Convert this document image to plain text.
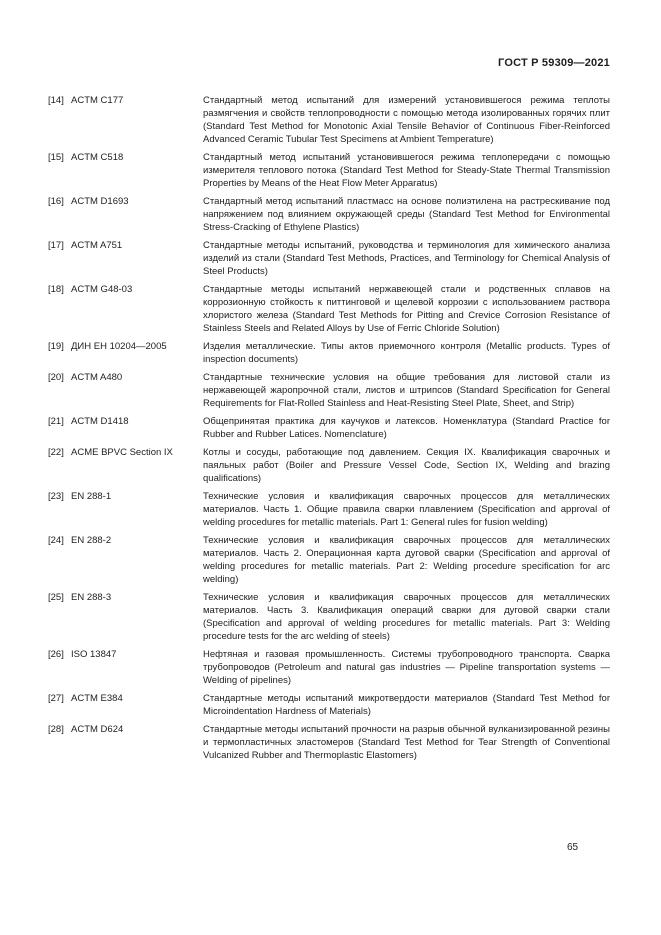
ГОСТ Р 59309—2021
[14] ACTM C177	Стандартный метод испытаний для измерений установившегося режима теплоты размягчения и свойств теплопроводности с помощью метода изолированных горячих плит (Standard Test Method for Monotonic Axial Tensile Behavior of Continuous Fiber-Reinforced Advanced Ceramic Tubular Test Specimens at Ambient Temperature)
[15] ACTM C518	Стандартный метод испытаний установившегося режима теплопередачи с помощью измерителя теплового потока (Standard Test Method for Steady-State Thermal Transmission Properties by Means of the Heat Flow Meter Apparatus)
[16] ACTM D1693	Стандартный метод испытаний пластмасс на основе полиэтилена на растрескивание под напряжением под влиянием окружающей среды (Standard Test Method for Environmental Stress-Cracking of Ethylene Plastics)
[17] ACTM A751	Стандартные методы испытаний, руководства и терминология для химического анализа изделий из стали (Standard Test Methods, Practices, and Terminology for Chemical Analysis of Steel Products)
[18] ACTM G48-03	Стандартные методы испытаний нержавеющей стали и родственных сплавов на коррозионную стойкость к питтинговой и щелевой коррозии с использованием раствора хлористого железа (Standard Test Methods for Pitting and Crevice Corrosion Resistance of Stainless Steels and Related Alloys by Use of Ferric Chloride Solution)
[19] ДИН ЕН 10204—2005	Изделия металлические. Типы актов приемочного контроля (Metallic products. Types of inspection documents)
[20] ACTM A480	Стандартные технические условия на общие требования для листовой стали из нержавеющей жаропрочной стали, листов и штрипсов (Standard Specification for General Requirements for Flat-Rolled Stainless and Heat-Resisting Steel Plate, Sheet, and Strip)
[21] ACTM D1418	Общепринятая практика для каучуков и латексов. Номенклатура (Standard Practice for Rubber and Rubber Latices. Nomenclature)
[22] ACME BPVC Section IX	Котлы и сосуды, работающие под давлением. Секция IX. Квалификация сварочных и паяльных работ (Boiler and Pressure Vessel Code, Section IX, Welding and brazing qualifications)
[23] EN 288-1	Технические условия и квалификация сварочных процессов для металлических материалов. Часть 1. Общие правила сварки плавлением (Specification and approval of welding procedures for metallic materials. Part 1: General rules for fusion welding)
[24] EN 288-2	Технические условия и квалификация сварочных процессов для металлических материалов. Часть 2. Операционная карта дуговой сварки (Specification and approval of welding procedures for metallic materials. Part 2: Welding procedure specification for arc welding)
[25] EN 288-3	Технические условия и квалификация сварочных процессов для металлических материалов. Часть 3. Квалификация операций сварки для дуговой сварки стали (Specification and approval of welding procedures for metallic materials. Part 3: Welding procedure tests for the arc welding of steels)
[26] ISO 13847	Нефтяная и газовая промышленность. Системы трубопроводного транспорта. Сварка трубопроводов (Petroleum and natural gas industries — Pipeline transportation systems — Welding of pipelines)
[27] ACTM E384	Стандартные методы испытаний микротвердости материалов (Standard Test Method for Microindentation Hardness of Materials)
[28] ACTM D624	Стандартные методы испытаний прочности на разрыв обычной вулканизированной резины и термопластичных эластомеров (Standard Test Method for Tear Strength of Conventional Vulcanized Rubber and Thermoplastic Elastomers)
65
